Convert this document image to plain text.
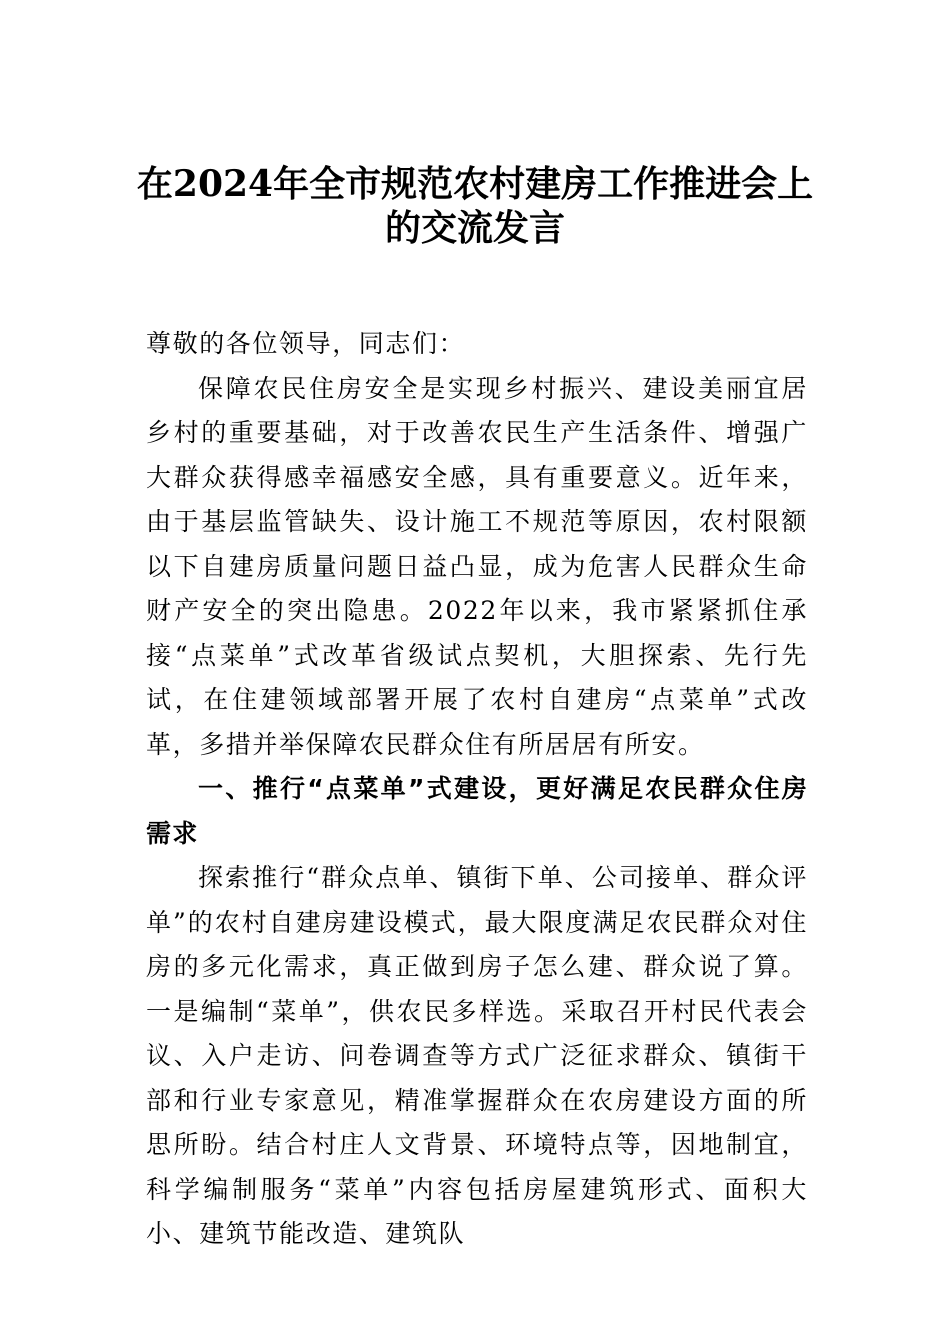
在2024年全市规范农村建房工作推进会上
的交流发言

尊敬的各位领导，同志们：

保障农民住房安全是实现乡村振兴、建设美丽宜居乡村的重要基础，对于改善农民生产生活条件、增强广大群众获得感幸福感安全感，具有重要意义。近年来，由于基层监管缺失、设计施工不规范等原因，农村限额以下自建房质量问题日益凸显，成为危害人民群众生命财产安全的突出隐患。2022年以来，我市紧紧抓住承接“点菜单”式改革省级试点契机，大胆探索、先行先试，在住建领域部署开展了农村自建房“点菜单”式改革，多措并举保障农民群众住有所居居有所安。

一、推行“点菜单”式建设，更好满足农民群众住房需求

探索推行“群众点单、镇街下单、公司接单、群众评单”的农村自建房建设模式，最大限度满足农民群众对住房的多元化需求，真正做到房子怎么建、群众说了算。一是编制“菜单”，供农民多样选。采取召开村民代表会议、入户走访、问卷调查等方式广泛征求群众、镇街干部和行业专家意见，精准掌握群众在农房建设方面的所思所盼。结合村庄人文背景、环境特点等，因地制宜，科学编制服务“菜单”内容包括房屋建筑形式、面积大小、建筑节能改造、建筑队
